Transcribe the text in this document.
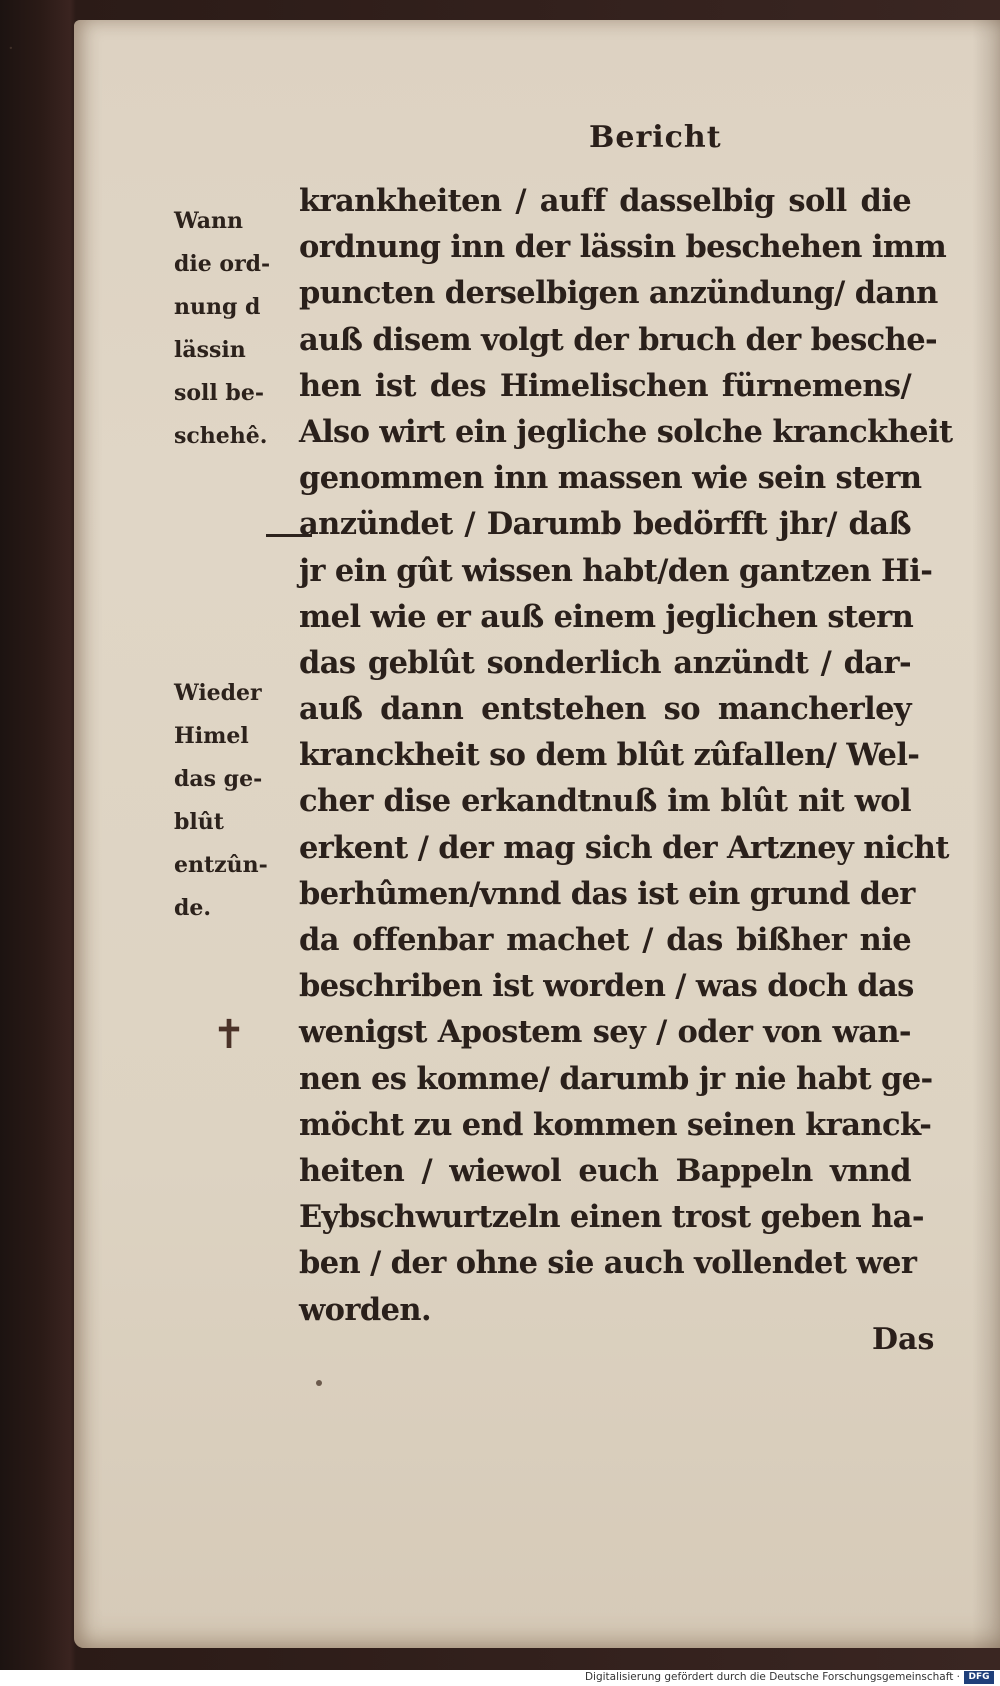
·
Bericht
Wann
die ord-
nung d
lässin
soll be-
schehê.
Wieder
Himel
das ge-
blût
entzûn-
de.
✝
krankheiten / auff dasselbig soll die
ordnung inn der lässin beschehen imm
puncten derselbigen anzündung/ dann
auß disem volgt der bruch der besche-
hen ist des Himelischen fürnemens/
Also wirt ein jegliche solche kranckheit
genommen inn massen wie sein stern
anzündet / Darumb bedörfft jhr/ daß
jr ein gût wissen habt/den gantzen Hi-
mel wie er auß einem jeglichen stern
das geblût sonderlich anzündt / dar-
auß dann entstehen so mancherley
kranckheit so dem blût zûfallen/ Wel-
cher dise erkandtnuß im blût nit wol
erkent / der mag sich der Artzney nicht
berhûmen/vnnd das ist ein grund der
da offenbar machet / das bißher nie
beschriben ist worden / was doch das
wenigst Apostem sey / oder von wan-
nen es komme/ darumb jr nie habt ge-
möcht zu end kommen seinen kranck-
heiten / wiewol euch Bappeln vnnd
Eybschwurtzeln einen trost geben ha-
ben / der ohne sie auch vollendet wer
worden.
Das
Digitalisierung gefördert durch die Deutsche Forschungsgemeinschaft · DFG
